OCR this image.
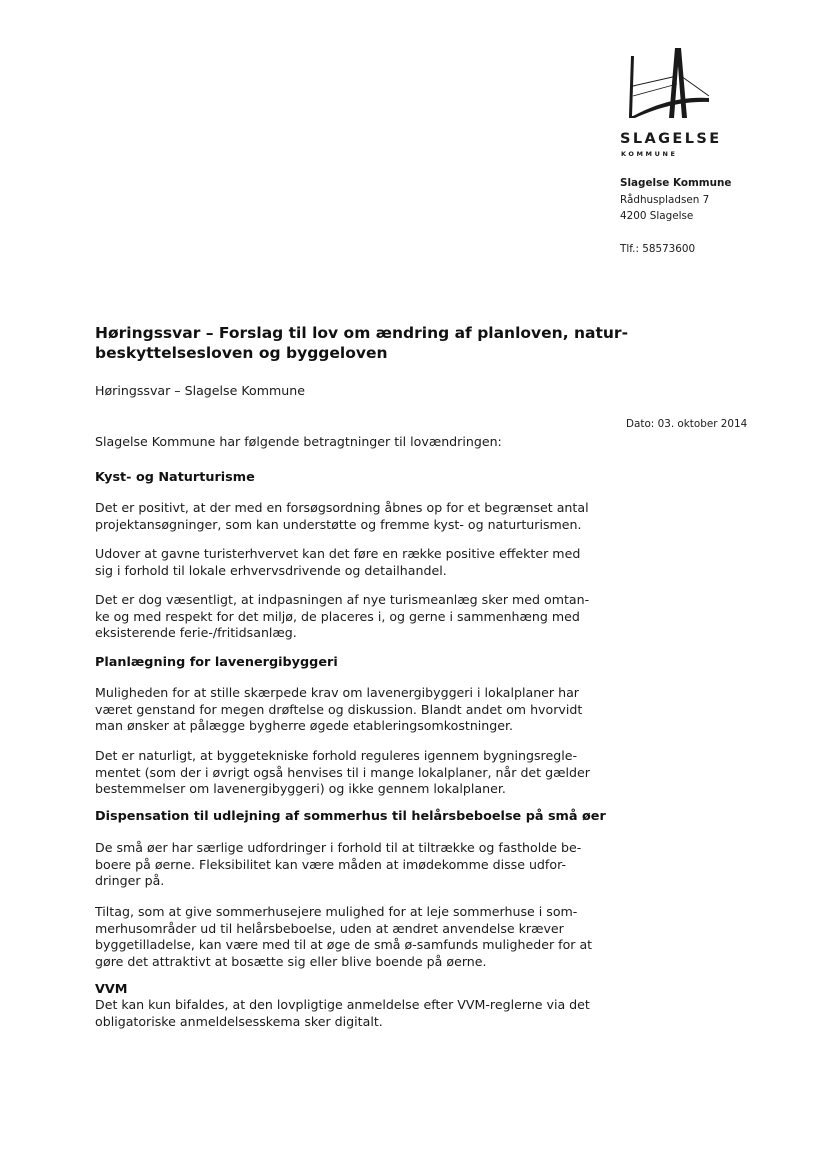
SLAGELSE
KOMMUNE
Slagelse Kommune
Rådhuspladsen 7
4200 Slagelse
Tlf.: 58573600
Høringssvar – Forslag til lov om ændring af planloven, natur-
beskyttelsesloven og byggeloven
Høringssvar – Slagelse Kommune
Dato: 03. oktober 2014
Slagelse Kommune har følgende betragtninger til lovændringen:
Kyst- og Naturturisme
Det er positivt, at der med en forsøgsordning åbnes op for et begrænset antal
projektansøgninger, som kan understøtte og fremme kyst- og naturturismen.
Udover at gavne turisterhvervet kan det føre en række positive effekter med
sig i forhold til lokale erhvervsdrivende og detailhandel.
Det er dog væsentligt, at indpasningen af nye turismeanlæg sker med omtan-
ke og med respekt for det miljø, de placeres i, og gerne i sammenhæng med
eksisterende ferie-/fritidsanlæg.
Planlægning for lavenergibyggeri
Muligheden for at stille skærpede krav om lavenergibyggeri i lokalplaner har
været genstand for megen drøftelse og diskussion. Blandt andet om hvorvidt
man ønsker at pålægge bygherre øgede etableringsomkostninger.
Det er naturligt, at byggetekniske forhold reguleres igennem bygningsregle-
mentet (som der i øvrigt også henvises til i mange lokalplaner, når det gælder
bestemmelser om lavenergibyggeri) og ikke gennem lokalplaner.
Dispensation til udlejning af sommerhus til helårsbeboelse på små øer
De små øer har særlige udfordringer i forhold til at tiltrække og fastholde be-
boere på øerne. Fleksibilitet kan være måden at imødekomme disse udfor-
dringer på.
Tiltag, som at give sommerhusejere mulighed for at leje sommerhuse i som-
merhusområder ud til helårsbeboelse, uden at ændret anvendelse kræver
byggetilladelse, kan være med til at øge de små ø-samfunds muligheder for at
gøre det attraktivt at bosætte sig eller blive boende på øerne.
VVM
Det kan kun bifaldes, at den lovpligtige anmeldelse efter VVM-reglerne via det
obligatoriske anmeldelsesskema sker digitalt.
